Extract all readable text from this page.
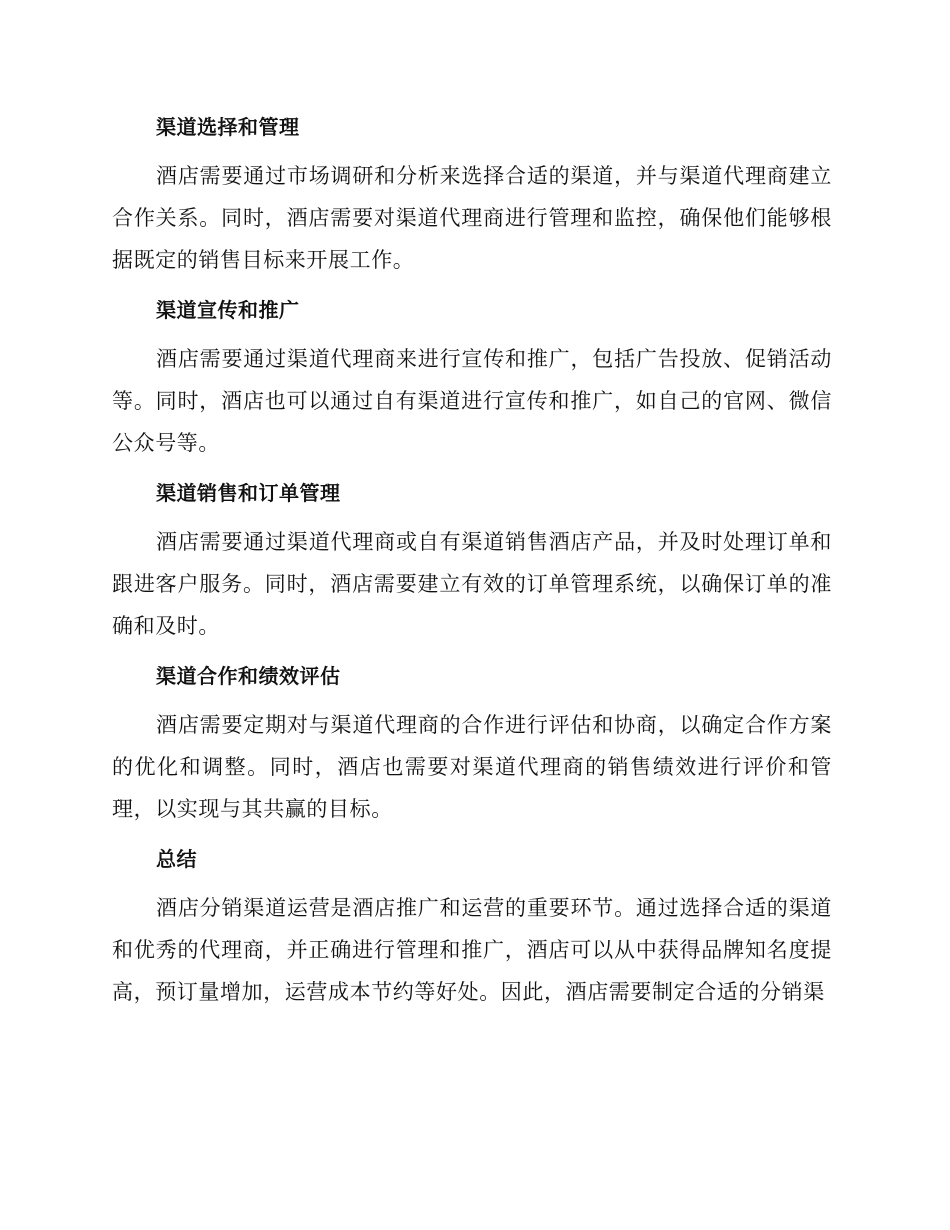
渠道选择和管理

酒店需要通过市场调研和分析来选择合适的渠道，并与渠道代理商建立合作关系。同时，酒店需要对渠道代理商进行管理和监控，确保他们能够根据既定的销售目标来开展工作。

渠道宣传和推广

酒店需要通过渠道代理商来进行宣传和推广，包括广告投放、促销活动等。同时，酒店也可以通过自有渠道进行宣传和推广，如自己的官网、微信公众号等。

渠道销售和订单管理

酒店需要通过渠道代理商或自有渠道销售酒店产品，并及时处理订单和跟进客户服务。同时，酒店需要建立有效的订单管理系统，以确保订单的准确和及时。

渠道合作和绩效评估

酒店需要定期对与渠道代理商的合作进行评估和协商，以确定合作方案的优化和调整。同时，酒店也需要对渠道代理商的销售绩效进行评价和管理，以实现与其共赢的目标。

总结

酒店分销渠道运营是酒店推广和运营的重要环节。通过选择合适的渠道和优秀的代理商，并正确进行管理和推广，酒店可以从中获得品牌知名度提高，预订量增加，运营成本节约等好处。因此，酒店需要制定合适的分销渠
